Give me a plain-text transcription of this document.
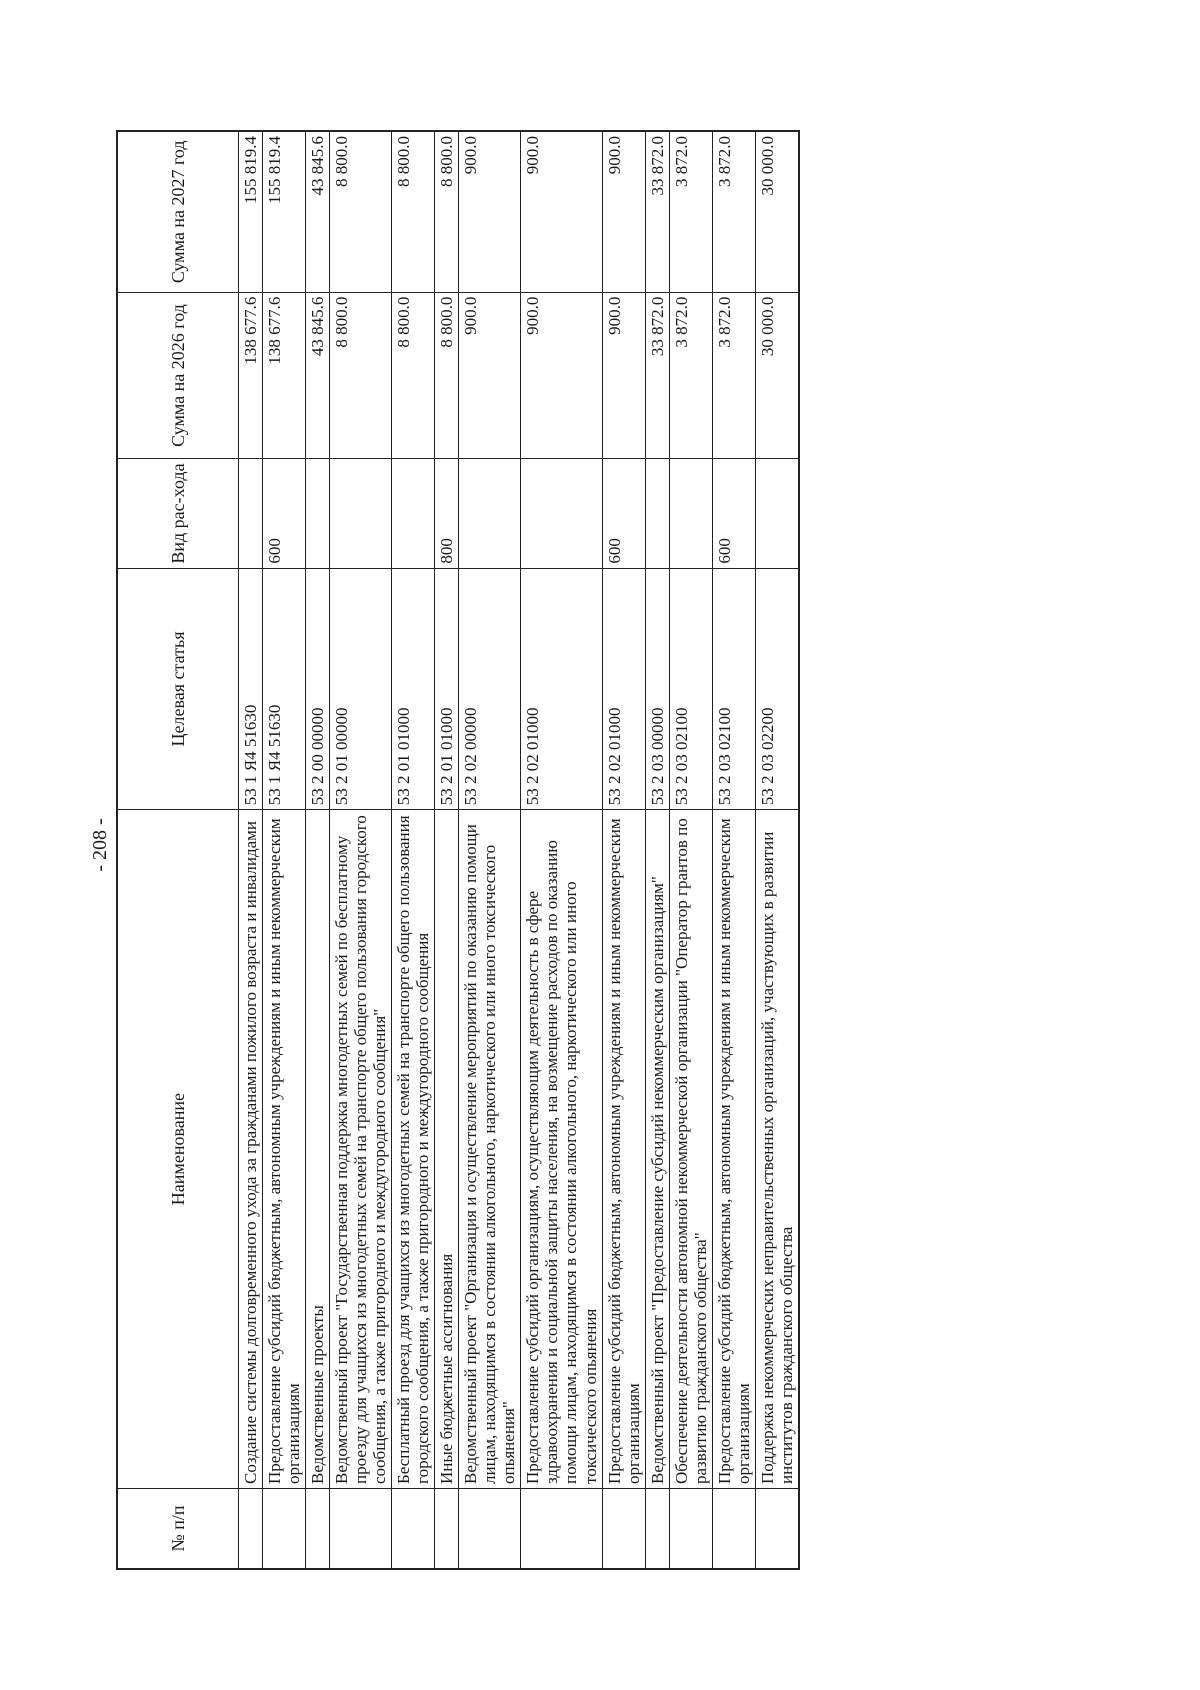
- 208 -
№ п/п	Наименование	Целевая статья	Вид рас-хода	Сумма на 2026 год	Сумма на 2027 год
	Создание системы долговременного ухода за гражданами пожилого возраста и инвалидами	53 1 Я4 51630		138 677.6	155 819.4
	Предоставление субсидий бюджетным, автономным учреждениям и иным некоммерческим организациям	53 1 Я4 51630	600	138 677.6	155 819.4
	Ведомственные проекты	53 2 00 00000		43 845.6	43 845.6
	Ведомственный проект "Государственная поддержка многодетных семей по бесплатному проезду для учащихся из многодетных семей на транспорте общего пользования городского сообщения, а также пригородного и междугородного сообщения"	53 2 01 00000		8 800.0	8 800.0
	Бесплатный проезд для учащихся из многодетных семей на транспорте общего пользования городского сообщения, а также пригородного и междугородного сообщения	53 2 01 01000		8 800.0	8 800.0
	Иные бюджетные ассигнования	53 2 01 01000	800	8 800.0	8 800.0
	Ведомственный проект "Организация и осуществление мероприятий по оказанию помощи лицам, находящимся в состоянии алкогольного, наркотического или иного токсического опьянения"	53 2 02 00000		900.0	900.0
	Предоставление субсидий организациям, осуществляющим деятельность в сфере здравоохранения и социальной защиты населения, на возмещение расходов по оказанию помощи лицам, находящимся в состоянии алкогольного, наркотического или иного токсического опьянения	53 2 02 01000		900.0	900.0
	Предоставление субсидий бюджетным, автономным учреждениям и иным некоммерческим организациям	53 2 02 01000	600	900.0	900.0
	Ведомственный проект "Предоставление субсидий некоммерческим организациям"	53 2 03 00000		33 872.0	33 872.0
	Обеспечение деятельности автономной некоммерческой организации "Оператор грантов по развитию гражданского общества"	53 2 03 02100		3 872.0	3 872.0
	Предоставление субсидий бюджетным, автономным учреждениям и иным некоммерческим организациям	53 2 03 02100	600	3 872.0	3 872.0
	Поддержка некоммерческих неправительственных организаций, участвующих в развитии институтов гражданского общества	53 2 03 02200		30 000.0	30 000.0
